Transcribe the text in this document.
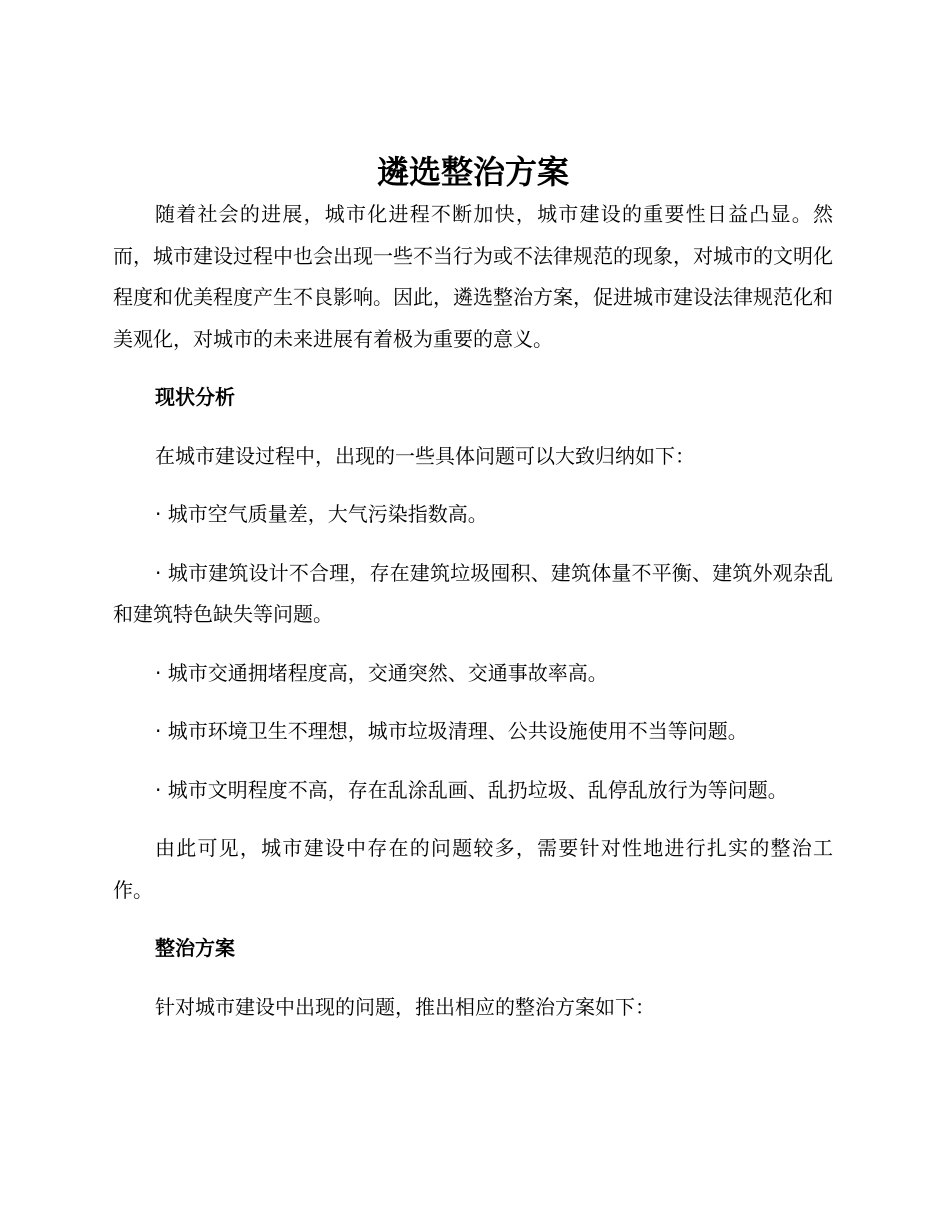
遴选整治方案

随着社会的进展，城市化进程不断加快，城市建设的重要性日益凸显。然而，城市建设过程中也会出现一些不当行为或不法律规范的现象，对城市的文明化程度和优美程度产生不良影响。因此，遴选整治方案，促进城市建设法律规范化和美观化，对城市的未来进展有着极为重要的意义。

现状分析

在城市建设过程中，出现的一些具体问题可以大致归纳如下：

· 城市空气质量差，大气污染指数高。

· 城市建筑设计不合理，存在建筑垃圾囤积、建筑体量不平衡、建筑外观杂乱和建筑特色缺失等问题。

· 城市交通拥堵程度高，交通突然、交通事故率高。

· 城市环境卫生不理想，城市垃圾清理、公共设施使用不当等问题。

· 城市文明程度不高，存在乱涂乱画、乱扔垃圾、乱停乱放行为等问题。

由此可见，城市建设中存在的问题较多，需要针对性地进行扎实的整治工作。

整治方案

针对城市建设中出现的问题，推出相应的整治方案如下：
